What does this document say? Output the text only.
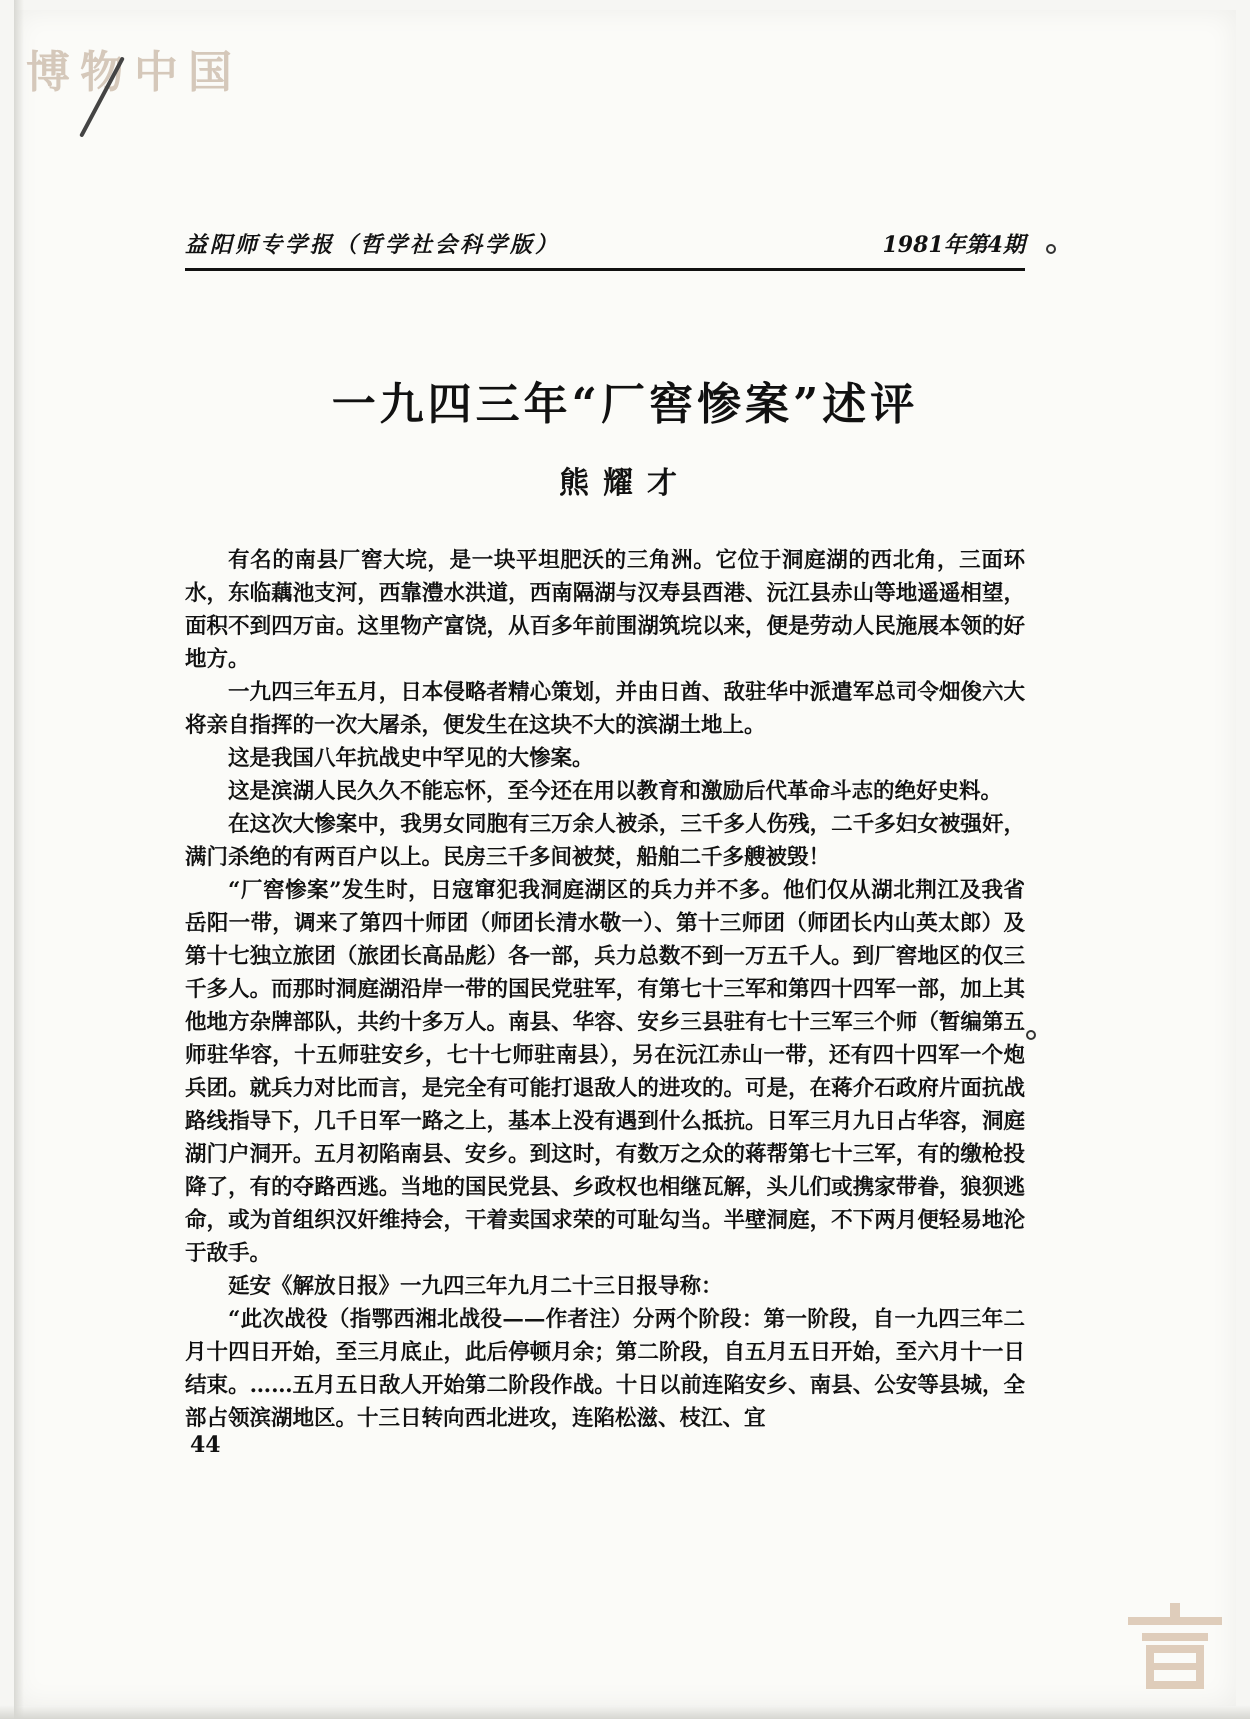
博物中国
益阳师专学报（哲学社会科学版）	1981年第4期
一九四三年“厂窖惨案”述评
熊耀才

有名的南县厂窖大垸，是一块平坦肥沃的三角洲。它位于洞庭湖的西北角，三面环水，东临藕池支河，西靠澧水洪道，西南隔湖与汉寿县酉港、沅江县赤山等地遥遥相望，面积不到四万亩。这里物产富饶，从百多年前围湖筑垸以来，便是劳动人民施展本领的好地方。

一九四三年五月，日本侵略者精心策划，并由日酋、敌驻华中派遣军总司令畑俊六大将亲自指挥的一次大屠杀，便发生在这块不大的滨湖土地上。

这是我国八年抗战史中罕见的大惨案。

这是滨湖人民久久不能忘怀，至今还在用以教育和激励后代革命斗志的绝好史料。

在这次大惨案中，我男女同胞有三万余人被杀，三千多人伤残，二千多妇女被强奸，满门杀绝的有两百户以上。民房三千多间被焚，船舶二千多艘被毁！

“厂窖惨案”发生时，日寇窜犯我洞庭湖区的兵力并不多。他们仅从湖北荆江及我省岳阳一带，调来了第四十师团（师团长清水敬一）、第十三师团（师团长内山英太郎）及第十七独立旅团（旅团长高品彪）各一部，兵力总数不到一万五千人。到厂窖地区的仅三千多人。而那时洞庭湖沿岸一带的国民党驻军，有第七十三军和第四十四军一部，加上其他地方杂牌部队，共约十多万人。南县、华容、安乡三县驻有七十三军三个师（暂编第五师驻华容，十五师驻安乡，七十七师驻南县），另在沅江赤山一带，还有四十四军一个炮兵团。就兵力对比而言，是完全有可能打退敌人的进攻的。可是，在蒋介石政府片面抗战路线指导下，几千日军一路之上，基本上没有遇到什么抵抗。日军三月九日占华容，洞庭湖门户洞开。五月初陷南县、安乡。到这时，有数万之众的蒋帮第七十三军，有的缴枪投降了，有的夺路西逃。当地的国民党县、乡政权也相继瓦解，头儿们或携家带眷，狼狈逃命，或为首组织汉奸维持会，干着卖国求荣的可耻勾当。半壁洞庭，不下两月便轻易地沦于敌手。

延安《解放日报》一九四三年九月二十三日报导称：

“此次战役（指鄂西湘北战役——作者注）分两个阶段：第一阶段，自一九四三年二月十四日开始，至三月底止，此后停顿月余；第二阶段，自五月五日开始，至六月十一日结束。……五月五日敌人开始第二阶段作战。十日以前连陷安乡、南县、公安等县城，全部占领滨湖地区。十三日转向西北进攻，连陷松滋、枝江、宜

44
